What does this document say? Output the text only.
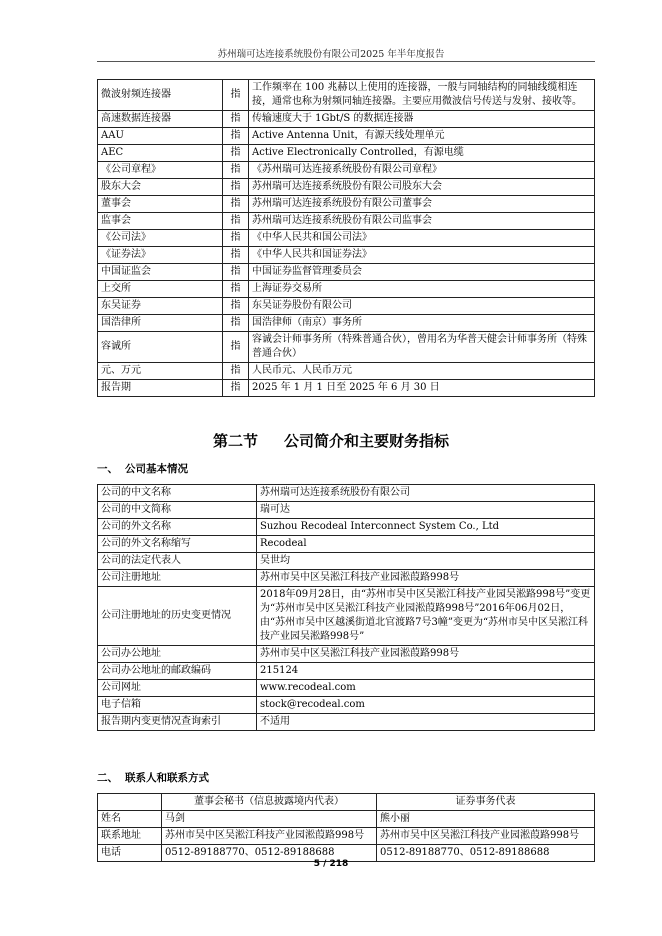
苏州瑞可达连接系统股份有限公司2025 年半年度报告
微波射频连接器	指	工作频率在 100 兆赫以上使用的连接器，一般与同轴结构的同轴线缆相连接，通常也称为射频同轴连接器。主要应用微波信号传送与发射、接收等。
高速数据连接器	指	传输速度大于 1Gbt/S 的数据连接器
AAU	指	Active Antenna Unit，有源天线处理单元
AEC	指	Active Electronically Controlled，有源电缆
《公司章程》	指	《苏州瑞可达连接系统股份有限公司章程》
股东大会	指	苏州瑞可达连接系统股份有限公司股东大会
董事会	指	苏州瑞可达连接系统股份有限公司董事会
监事会	指	苏州瑞可达连接系统股份有限公司监事会
《公司法》	指	《中华人民共和国公司法》
《证券法》	指	《中华人民共和国证券法》
中国证监会	指	中国证券监督管理委员会
上交所	指	上海证券交易所
东吴证券	指	东吴证券股份有限公司
国浩律所	指	国浩律师（南京）事务所
容诚所	指	容诚会计师事务所（特殊普通合伙），曾用名为华普天健会计师事务所（特殊普通合伙）
元、万元	指	人民币元、人民币万元
报告期	指	2025 年 1 月 1 日至 2025 年 6 月 30 日
第二节 公司简介和主要财务指标
一、 公司基本情况
公司的中文名称	苏州瑞可达连接系统股份有限公司
公司的中文简称	瑞可达
公司的外文名称	Suzhou Recodeal Interconnect System Co., Ltd
公司的外文名称缩写	Recodeal
公司的法定代表人	吴世均
公司注册地址	苏州市吴中区吴淞江科技产业园淞葭路998号
公司注册地址的历史变更情况	2018年09月28日，由“苏州市吴中区吴淞江科技产业园吴淞路998号”变更为“苏州市吴中区吴淞江科技产业园淞葭路998号”2016年06月02日，由“苏州市吴中区越溪街道北官渡路7号3幢”变更为“苏州市吴中区吴淞江科技产业园吴淞路998号”
公司办公地址	苏州市吴中区吴淞江科技产业园淞葭路998号
公司办公地址的邮政编码	215124
公司网址	www.recodeal.com
电子信箱	stock@recodeal.com
报告期内变更情况查询索引	不适用
二、 联系人和联系方式
	董事会秘书（信息披露境内代表）	证券事务代表
姓名	马剑	熊小丽
联系地址	苏州市吴中区吴淞江科技产业园淞葭路998号	苏州市吴中区吴淞江科技产业园淞葭路998号
电话	0512-89188770、0512-89188688	0512-89188770、0512-89188688
5 / 218
